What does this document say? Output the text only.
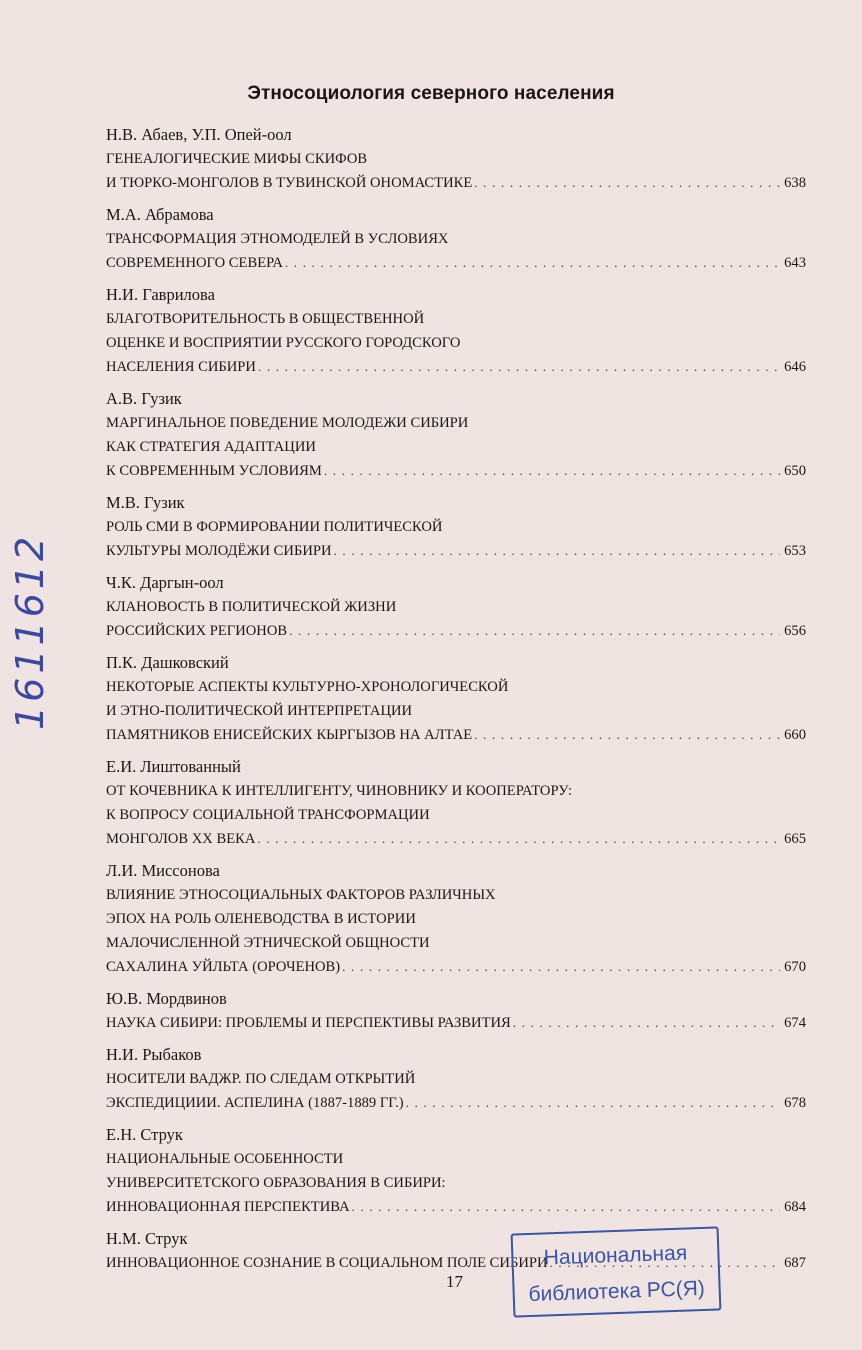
Этносоциология северного населения
Н.В. Абаев, У.П. Опей-оол
ГЕНЕАЛОГИЧЕСКИЕ МИФЫ СКИФОВ
И ТЮРКО-МОНГОЛОВ В ТУВИНСКОЙ ОНОМАСТИКЕ . . .	638
М.А. Абрамова
ТРАНСФОРМАЦИЯ ЭТНОМОДЕЛЕЙ В УСЛОВИЯХ
СОВРЕМЕННОГО СЕВЕРА . . .	643
Н.И. Гаврилова
БЛАГОТВОРИТЕЛЬНОСТЬ В ОБЩЕСТВЕННОЙ
ОЦЕНКЕ И ВОСПРИЯТИИ РУССКОГО ГОРОДСКОГО
НАСЕЛЕНИЯ СИБИРИ . . .	646
А.В. Гузик
МАРГИНАЛЬНОЕ ПОВЕДЕНИЕ МОЛОДЕЖИ СИБИРИ
КАК СТРАТЕГИЯ АДАПТАЦИИ
К СОВРЕМЕННЫМ УСЛОВИЯМ . . .	650
М.В. Гузик
РОЛЬ СМИ В ФОРМИРОВАНИИ ПОЛИТИЧЕСКОЙ
КУЛЬТУРЫ МОЛОДЁЖИ СИБИРИ . . .	653
Ч.К. Даргын-оол
КЛАНОВОСТЬ В ПОЛИТИЧЕСКОЙ ЖИЗНИ
РОССИЙСКИХ РЕГИОНОВ . . .	656
П.К. Дашковский
НЕКОТОРЫЕ АСПЕКТЫ КУЛЬТУРНО-ХРОНОЛОГИЧЕСКОЙ
И ЭТНО-ПОЛИТИЧЕСКОЙ ИНТЕРПРЕТАЦИИ
ПАМЯТНИКОВ ЕНИСЕЙСКИХ КЫРГЫЗОВ НА АЛТАЕ . . .	660
Е.И. Лиштованный
ОТ КОЧЕВНИКА К ИНТЕЛЛИГЕНТУ, ЧИНОВНИКУ И КООПЕРАТОРУ:
К ВОПРОСУ СОЦИАЛЬНОЙ ТРАНСФОРМАЦИИ
МОНГОЛОВ XX ВЕКА . . .	665
Л.И. Миссонова
ВЛИЯНИЕ ЭТНОСОЦИАЛЬНЫХ ФАКТОРОВ РАЗЛИЧНЫХ
ЭПОХ НА РОЛЬ ОЛЕНЕВОДСТВА В ИСТОРИИ
МАЛОЧИСЛЕННОЙ ЭТНИЧЕСКОЙ ОБЩНОСТИ
САХАЛИНА УЙЛЬТА (ОРОЧЕНОВ) . . .	670
Ю.В. Мордвинов
НАУКА СИБИРИ: ПРОБЛЕМЫ И ПЕРСПЕКТИВЫ РАЗВИТИЯ . . .	674
Н.И. Рыбаков
НОСИТЕЛИ ВАДЖР. ПО СЛЕДАМ ОТКРЫТИЙ
ЭКСПЕДИЦИИИ. АСПЕЛИНА (1887-1889 ГГ.) . . .	678
Е.Н. Струк
НАЦИОНАЛЬНЫЕ ОСОБЕННОСТИ
УНИВЕРСИТЕТСКОГО ОБРАЗОВАНИЯ В СИБИРИ:
ИННОВАЦИОННАЯ ПЕРСПЕКТИВА . . .	684
Н.М. Струк
ИННОВАЦИОННОЕ СОЗНАНИЕ В СОЦИАЛЬНОМ ПОЛЕ СИБИРИ . . .	687
17
Национальная
библиотека РС(Я)
1611612
